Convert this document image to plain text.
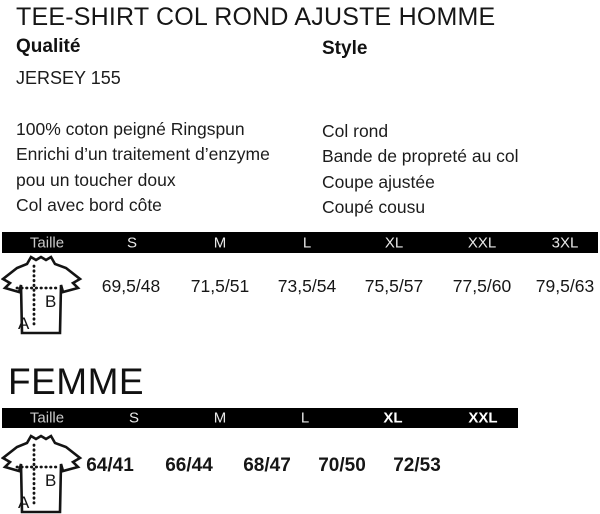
TEE-SHIRT COL ROND AJUSTE HOMME
Qualité	Style
JERSEY 155
100% coton peigné Ringspun
Enrichi d’un traitement d’enzyme
pou un toucher doux
Col avec bord côte
Col rond
Bande de propreté au col
Coupe ajustée
Coupé cousu
Taille	S	M	L	XL	XXL	3XL
69,5/48 71,5/51 73,5/54 75,5/57 77,5/60 79,5/63
A
B
FEMME
Taille	S	M	L	XL	XXL
64/41 66/44 68/47 70/50 72/53
A
B
